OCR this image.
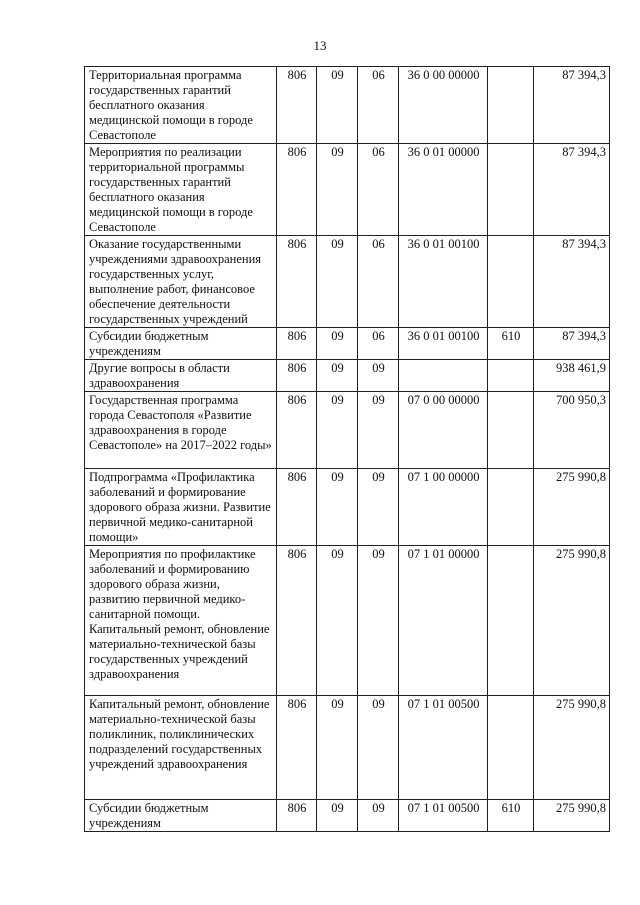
13
Территориальная программа государственных гарантий бесплатного оказания медицинской помощи в городе Севастополе	806	09	06	36 0 00 00000		87 394,3
Мероприятия по реализации территориальной программы государственных гарантий бесплатного оказания медицинской помощи в городе Севастополе	806	09	06	36 0 01 00000		87 394,3
Оказание государственными учреждениями здравоохранения государственных услуг, выполнение работ, финансовое обеспечение деятельности государственных учреждений	806	09	06	36 0 01 00100		87 394,3
Субсидии бюджетным учреждениям	806	09	06	36 0 01 00100	610	87 394,3
Другие вопросы в области здравоохранения	806	09	09			938 461,9
Государственная программа города Севастополя «Развитие здравоохранения в городе Севастополе» на 2017–2022 годы»	806	09	09	07 0 00 00000		700 950,3
Подпрограмма «Профилактика заболеваний и формирование здорового образа жизни. Развитие первичной медико-санитарной помощи»	806	09	09	07 1 00 00000		275 990,8
Мероприятия по профилактике заболеваний и формированию здорового образа жизни, развитию первичной медико-санитарной помощи. Капитальный ремонт, обновление материально-технической базы государственных учреждений здравоохранения	806	09	09	07 1 01 00000		275 990,8
Капитальный ремонт, обновление материально-технической базы поликлиник, поликлинических подразделений государственных учреждений здравоохранения	806	09	09	07 1 01 00500		275 990,8
Субсидии бюджетным учреждениям	806	09	09	07 1 01 00500	610	275 990,8
